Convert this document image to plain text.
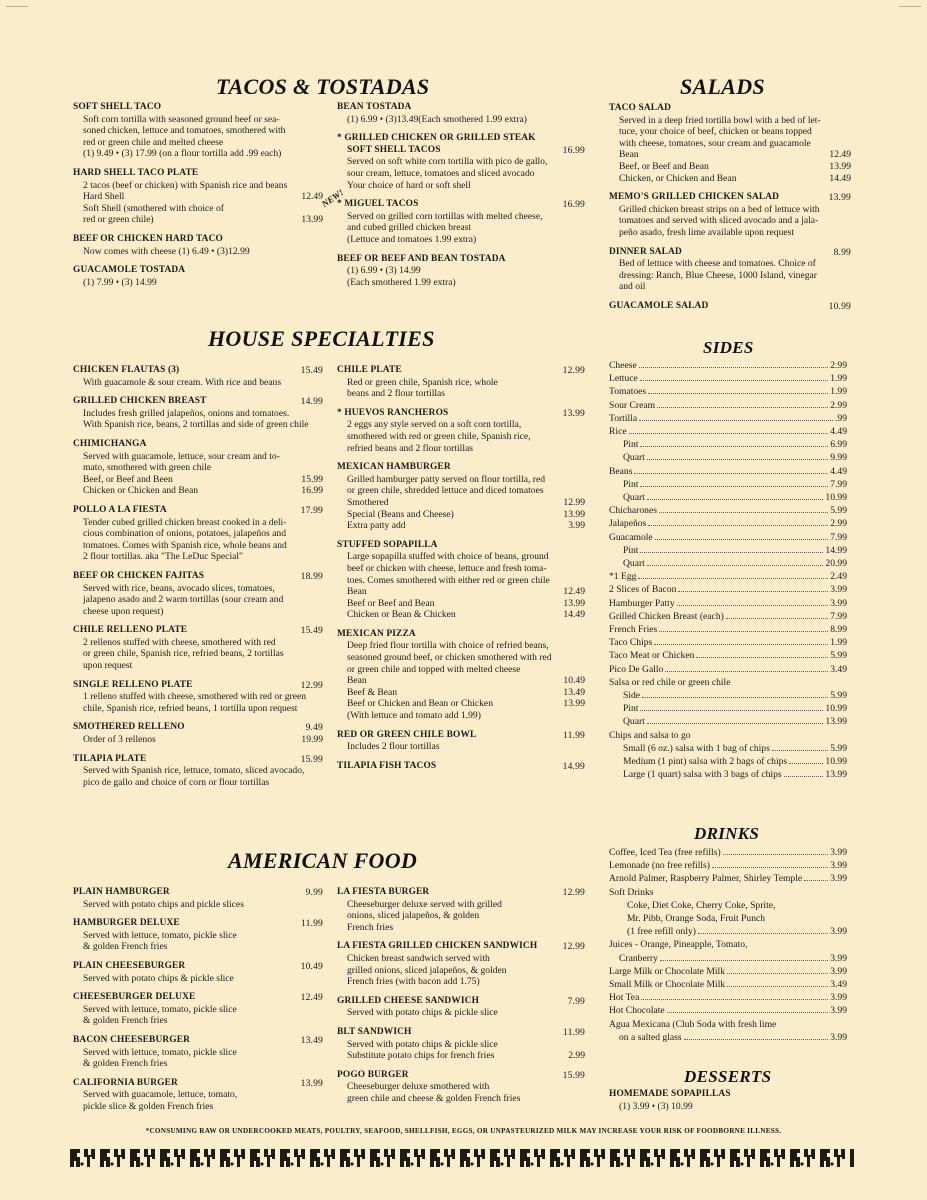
TACOS & TOSTADAS	SALADS
HOUSE SPECIALTIES	SIDES
AMERICAN FOOD
DRINKS
DESSERTS
SOFT SHELL TACO
Soft corn tortilla with seasoned ground beef or sea-
soned chicken, lettuce and tomatoes, smothered with
red or green chile and melted cheese
(1) 9.49 • (3) 17.99 (on a flour tortilla add .99 each)
HARD SHELL TACO PLATE
2 tacos (beef or chicken) with Spanish rice and beans
Hard Shell	12.49
Soft Shell (smothered with choice of
red or green chile)	13.99
BEEF OR CHICKEN HARD TACO
Now comes with cheese (1) 6.49 • (3)12.99
GUACAMOLE TOSTADA
(1) 7.99 • (3) 14.99
BEAN TOSTADA
(1) 6.99 • (3)13.49(Each smothered 1.99 extra)
* GRILLED CHICKEN OR GRILLED STEAK
SOFT SHELL TACOS	16.99
Served on soft white corn tortilla with pico de gallo,
sour cream, lettuce, tomatoes and sliced avocado
Your choice of hard or soft shell
NEW!
* MIGUEL TACOS	16.99
Served on grilled corn tortillas with melted cheese,
and cubed grilled chicken breast
(Lettuce and tomatoes 1.99 extra)
BEEF OR BEEF AND BEAN TOSTADA
(1) 6.99 • (3) 14.99
(Each smothered 1.99 extra)
CHICKEN FLAUTAS (3)	15.49
With guacamole & sour cream. With rice and beans
GRILLED CHICKEN BREAST	14.99
Includes fresh grilled jalapeños, onions and tomatoes.
With Spanish rice, beans, 2 tortillas and side of green chile
CHIMICHANGA
Served with guacamole, lettuce, sour cream and to-
mato, smothered with green chile
Beef, or Beef and Been	15.99
Chicken or Chicken and Bean	16.99
POLLO A LA FIESTA	17.99
Tender cubed grilled chicken breast cooked in a deli-
cious combination of onions, potatoes, jalapeños and
tomatoes. Comes with Spanish rice, whole beans and
2 flour tortillas. aka "The LeDuc Special"
BEEF OR CHICKEN FAJITAS	18.99
Served with rice, beans, avocado slices, tomatoes,
jalapeno asado and 2 warm tortillas (sour cream and
cheese upon request)
CHILE RELLENO PLATE	15.49
2 rellenos stuffed with cheese, smothered with red
or green chile, Spanish rice, refried beans, 2 tortillas
upon request
SINGLE RELLENO PLATE	12.99
1 relleno stuffed with cheese, smothered with red or green
chile, Spanish rice, refried beans, 1 tortilla upon request
SMOTHERED RELLENO	9.49
Order of 3 rellenos	19.99
TILAPIA PLATE	15.99
Served with Spanish rice, lettuce, tomato, sliced avocado,
pico de gallo and choice of corn or flour tortillas
CHILE PLATE	12.99
Red or green chile, Spanish rice, whole
beans and 2 flour tortillas
* HUEVOS RANCHEROS	13.99
2 eggs any style served on a soft corn tortilla,
smothered with red or green chile, Spanish rice,
refried beans and 2 flour tortillas
MEXICAN HAMBURGER
Grilled hamburger patty served on flour tortilla, red
or green chile, shredded lettuce and diced tomatoes
Smothered	12.99
Special (Beans and Cheese)	13.99
Extra patty add	3.99
STUFFED SOPAPILLA
Large sopapilla stuffed with choice of beans, ground
beef or chicken with cheese, lettuce and fresh toma-
toes. Comes smothered with either red or green chile
Bean	12.49
Beef or Beef and Bean	13.99
Chicken or Bean & Chicken	14.49
MEXICAN PIZZA
Deep fried flour tortilla with choice of refried beans,
seasoned ground beef, or chicken smothered with red
or green chile and topped with melted cheese
Bean	10.49
Beef & Bean	13.49
Beef or Chicken and Bean or Chicken	13.99
(With lettuce and tomato add 1.99)
RED OR GREEN CHILE BOWL	11.99
Includes 2 flour tortillas
TILAPIA FISH TACOS	14.99
PLAIN HAMBURGER	9.99
Served with potato chips and pickle slices
HAMBURGER DELUXE	11.99
Served with lettuce, tomato, pickle slice
& golden French fries
PLAIN CHEESEBURGER	10.49
Served with potato chips & pickle slice
CHEESEBURGER DELUXE	12.49
Served with lettuce, tomato, pickle slice
& golden French fries
BACON CHEESEBURGER	13.49
Served with lettuce, tomato, pickle slice
& golden French fries
CALIFORNIA BURGER	13.99
Served with guacamole, lettuce, tomato,
pickle slice & golden French fries
LA FIESTA BURGER	12.99
Cheeseburger deluxe served with grilled
onions, sliced jalapeños, & golden
French fries
LA FIESTA GRILLED CHICKEN SANDWICH	12.99
Chicken breast sandwich served with
grilled onions, sliced jalapeños, & golden
French fries (with bacon add 1.75)
GRILLED CHEESE SANDWICH	7.99
Served with potato chips & pickle slice
BLT SANDWICH	11.99
Served with potato chips & pickle slice
Substitute potato chips for french fries	2.99
POGO BURGER	15.99
Cheeseburger deluxe smothered with
green chile and cheese & golden French fries
TACO SALAD
Served in a deep fried tortilla bowl with a bed of let-
tuce, your choice of beef, chicken or beans topped
with cheese, tomatoes, sour cream and guacamole
Bean	12.49
Beef, or Beef and Bean	13.99
Chicken, or Chicken and Bean	14.49
MEMO'S GRILLED CHICKEN SALAD	13.99
Grilled chicken breast strips on a bed of lettuce with
tomatoes and served with sliced avocado and a jala-
peño asado, fresh lime available upon request
DINNER SALAD	8.99
Bed of lettuce with cheese and tomatoes. Choice of
dressing: Ranch, Blue Cheese, 1000 Island, vinegar
and oil
GUACAMOLE SALAD	10.99
Cheese	2.99
Lettuce	1.99
Tomatoes	1.99
Sour Cream	2.99
Tortilla	.99
Rice	4.49
Pint	6.99
Quart	9.99
Beans	4.49
Pint	7.99
Quart	10.99
Chicharones	5.99
Jalapeños	2.99
Guacamole	7.99
Pint	14.99
Quart	20.99
*1 Egg	2.49
2 Slices of Bacon	3.99
Hamburger Patty	3.99
Grilled Chicken Breast (each)	7.99
French Fries	8.99
Taco Chips	1.99
Taco Meat or Chicken	5.99
Pico De Gallo	3.49
Salsa or red chile or green chile
Side	5.99
Pint	10.99
Quart	13.99
Chips and salsa to go
Small (6 oz.) salsa with 1 bag of chips	5.99
Medium (1 pint) salsa with 2 bags of chips	10.99
Large (1 quart) salsa with 3 bags of chips	13.99
Coffee, Iced Tea (free refills)	3.99
Lemonade (no free refills)	3.99
Arnold Palmer, Raspberry Palmer, Shirley Temple	3.99
Soft Drinks
Coke, Diet Coke, Cherry Coke, Sprite,
Mr. Pibb, Orange Soda, Fruit Punch
(1 free refill only)	3.99
Juices - Orange, Pineapple, Tomato,
Cranberry	3.99
Large Milk or Chocolate Milk	3.99
Small Milk or Chocolate Milk	3.49
Hot Tea	3.99
Hot Chocolate	3.99
Agua Mexicana (Club Soda with fresh lime
on a salted glass	3.99
HOMEMADE SOPAPILLAS
(1) 3.99 • (3) 10.99
*CONSUMING RAW OR UNDERCOOKED MEATS, POULTRY, SEAFOOD, SHELLFISH, EGGS, OR UNPASTEURIZED MILK MAY INCREASE YOUR RISK OF FOODBORNE ILLNESS.
